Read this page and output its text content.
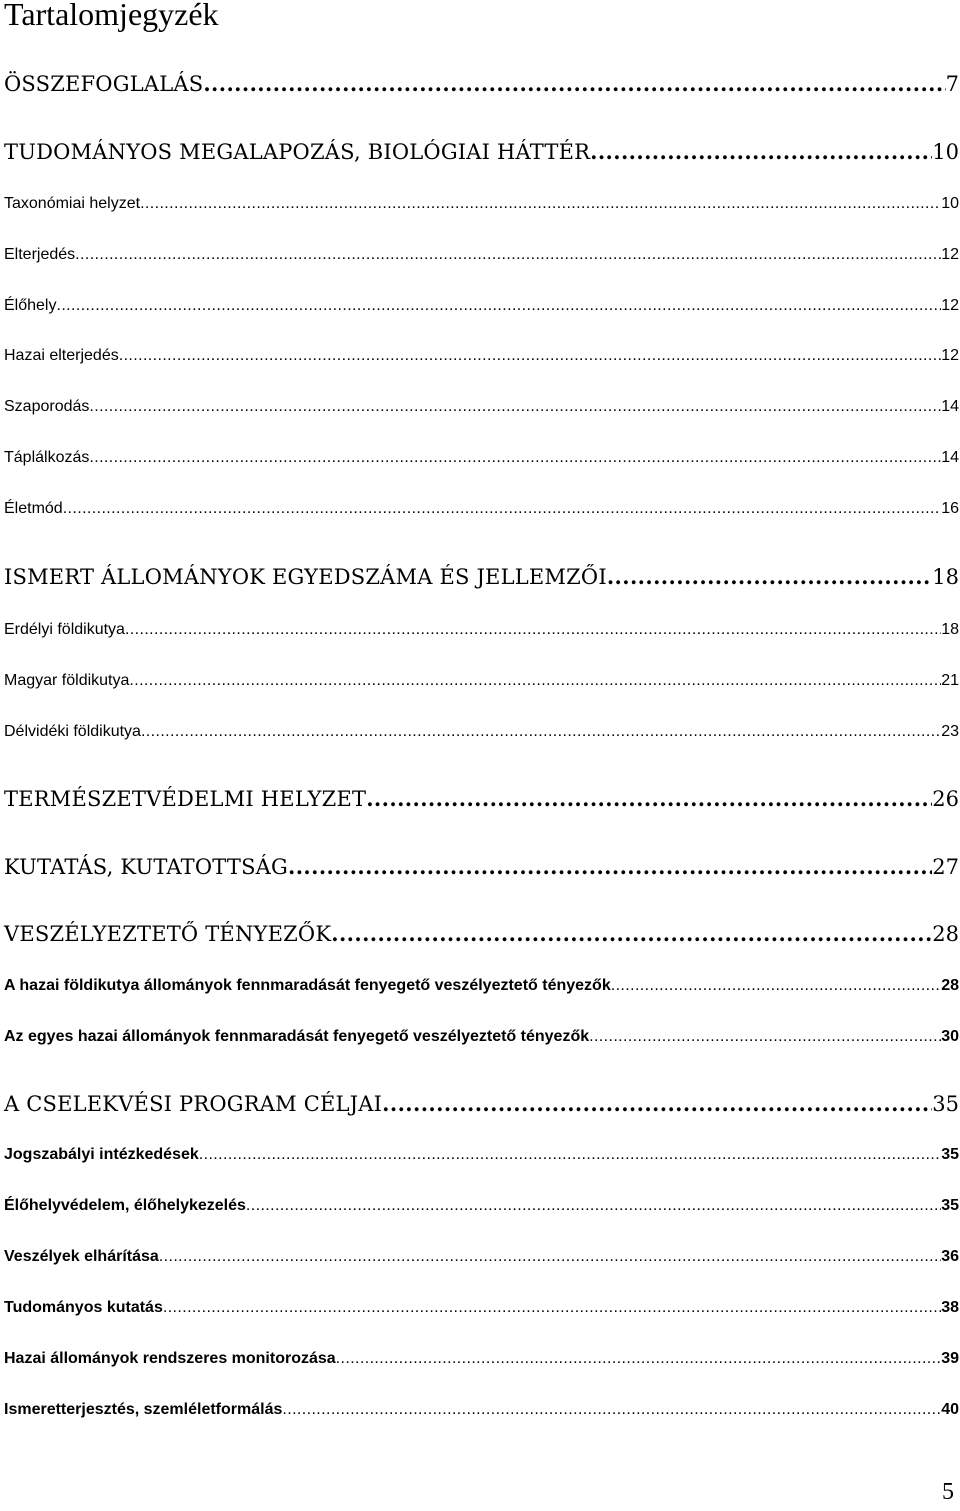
Tartalomjegyzék
ÖSSZEFOGLALÁS .....	7
TUDOMÁNYOS MEGALAPOZÁS, BIOLÓGIAI HÁTTÉR .....	10
Taxonómiai helyzet .....	10
Elterjedés .....	12
Élőhely .....	12
Hazai elterjedés .....	12
Szaporodás .....	14
Táplálkozás .....	14
Életmód .....	16
ISMERT ÁLLOMÁNYOK EGYEDSZÁMA ÉS JELLEMZŐI .....	18
Erdélyi földikutya .....	18
Magyar földikutya .....	21
Délvidéki földikutya .....	23
TERMÉSZETVÉDELMI HELYZET .....	26
KUTATÁS, KUTATOTTSÁG .....	27
VESZÉLYEZTETŐ TÉNYEZŐK .....	28
A hazai földikutya állományok fennmaradását fenyegető veszélyeztető tényezők .....	28
Az egyes hazai állományok fennmaradását fenyegető veszélyeztető tényezők .....	30
A CSELEKVÉSI PROGRAM CÉLJAI .....	35
Jogszabályi intézkedések .....	35
Élőhelyvédelem, élőhelykezelés .....	35
Veszélyek elhárítása .....	36
Tudományos kutatás .....	38
Hazai állományok rendszeres monitorozása .....	39
Ismeretterjesztés, szemléletformálás .....	40
5
